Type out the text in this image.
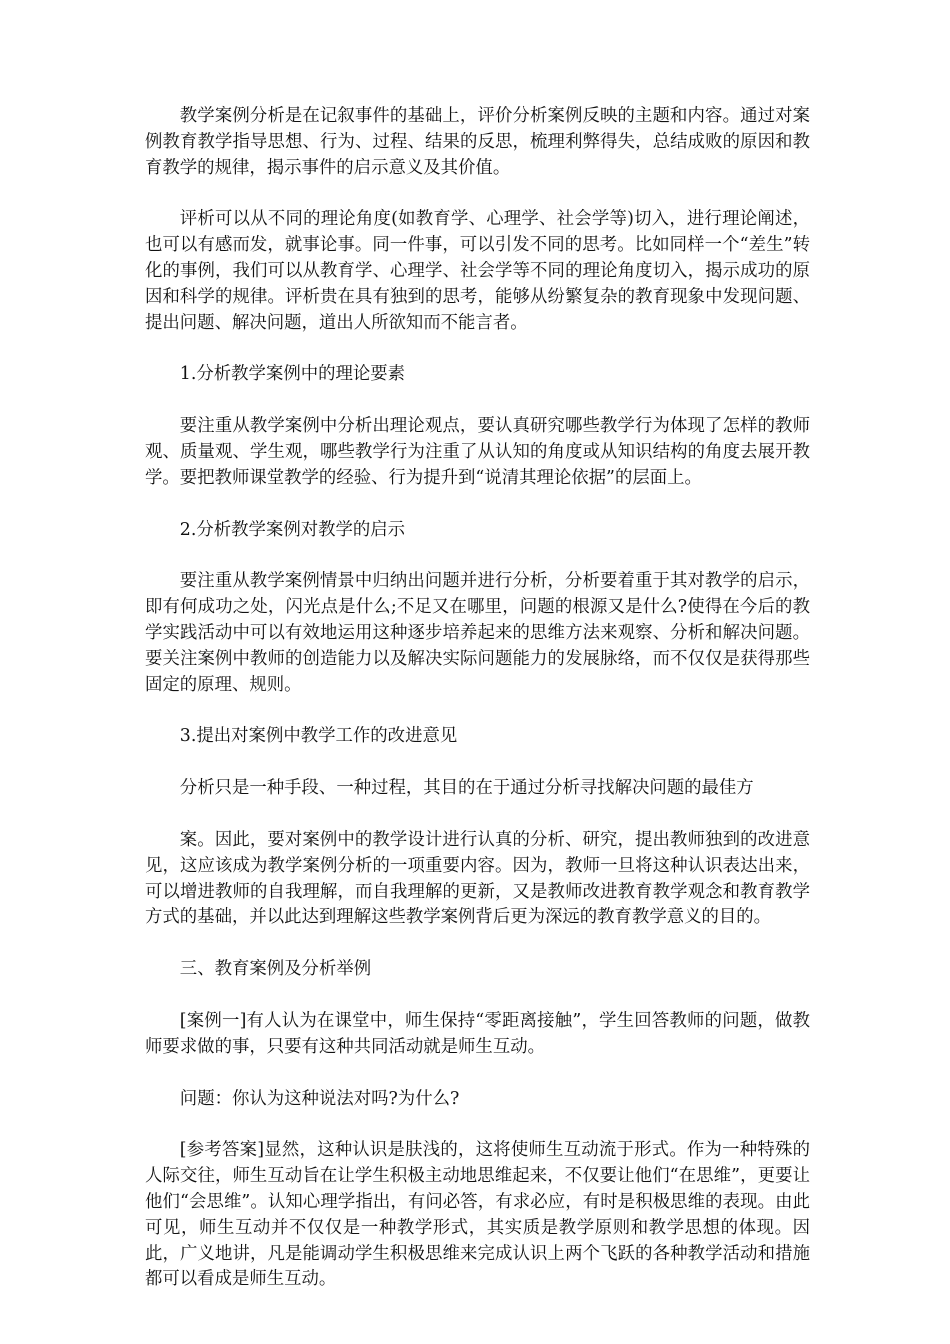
教学案例分析是在记叙事件的基础上，评价分析案例反映的主题和内容。通过对案例教育教学指导思想、行为、过程、结果的反思，梳理利弊得失，总结成败的原因和教育教学的规律，揭示事件的启示意义及其价值。

评析可以从不同的理论角度(如教育学、心理学、社会学等)切入，进行理论阐述，也可以有感而发，就事论事。同一件事，可以引发不同的思考。比如同样一个“差生”转化的事例，我们可以从教育学、心理学、社会学等不同的理论角度切入，揭示成功的原因和科学的规律。评析贵在具有独到的思考，能够从纷繁复杂的教育现象中发现问题、提出问题、解决问题，道出人所欲知而不能言者。

1.分析教学案例中的理论要素

要注重从教学案例中分析出理论观点，要认真研究哪些教学行为体现了怎样的教师观、质量观、学生观，哪些教学行为注重了从认知的角度或从知识结构的角度去展开教学。要把教师课堂教学的经验、行为提升到“说清其理论依据”的层面上。

2.分析教学案例对教学的启示

要注重从教学案例情景中归纳出问题并进行分析，分析要着重于其对教学的启示，即有何成功之处，闪光点是什么;不足又在哪里，问题的根源又是什么?使得在今后的教学实践活动中可以有效地运用这种逐步培养起来的思维方法来观察、分析和解决问题。要关注案例中教师的创造能力以及解决实际问题能力的发展脉络，而不仅仅是获得那些固定的原理、规则。

3.提出对案例中教学工作的改进意见

分析只是一种手段、一种过程，其目的在于通过分析寻找解决问题的最佳方

案。因此，要对案例中的教学设计进行认真的分析、研究，提出教师独到的改进意见，这应该成为教学案例分析的一项重要内容。因为，教师一旦将这种认识表达出来，可以增进教师的自我理解，而自我理解的更新，又是教师改进教育教学观念和教育教学方式的基础，并以此达到理解这些教学案例背后更为深远的教育教学意义的目的。

三、教育案例及分析举例

[案例一]有人认为在课堂中，师生保持“零距离接触”，学生回答教师的问题，做教师要求做的事，只要有这种共同活动就是师生互动。

问题：你认为这种说法对吗?为什么?

[参考答案]显然，这种认识是肤浅的，这将使师生互动流于形式。作为一种特殊的人际交往，师生互动旨在让学生积极主动地思维起来，不仅要让他们“在思维”，更要让他们“会思维”。认知心理学指出，有问必答，有求必应，有时是积极思维的表现。由此可见，师生互动并不仅仅是一种教学形式，其实质是教学原则和教学思想的体现。因此，广义地讲，凡是能调动学生积极思维来完成认识上两个飞跃的各种教学活动和措施都可以看成是师生互动。
